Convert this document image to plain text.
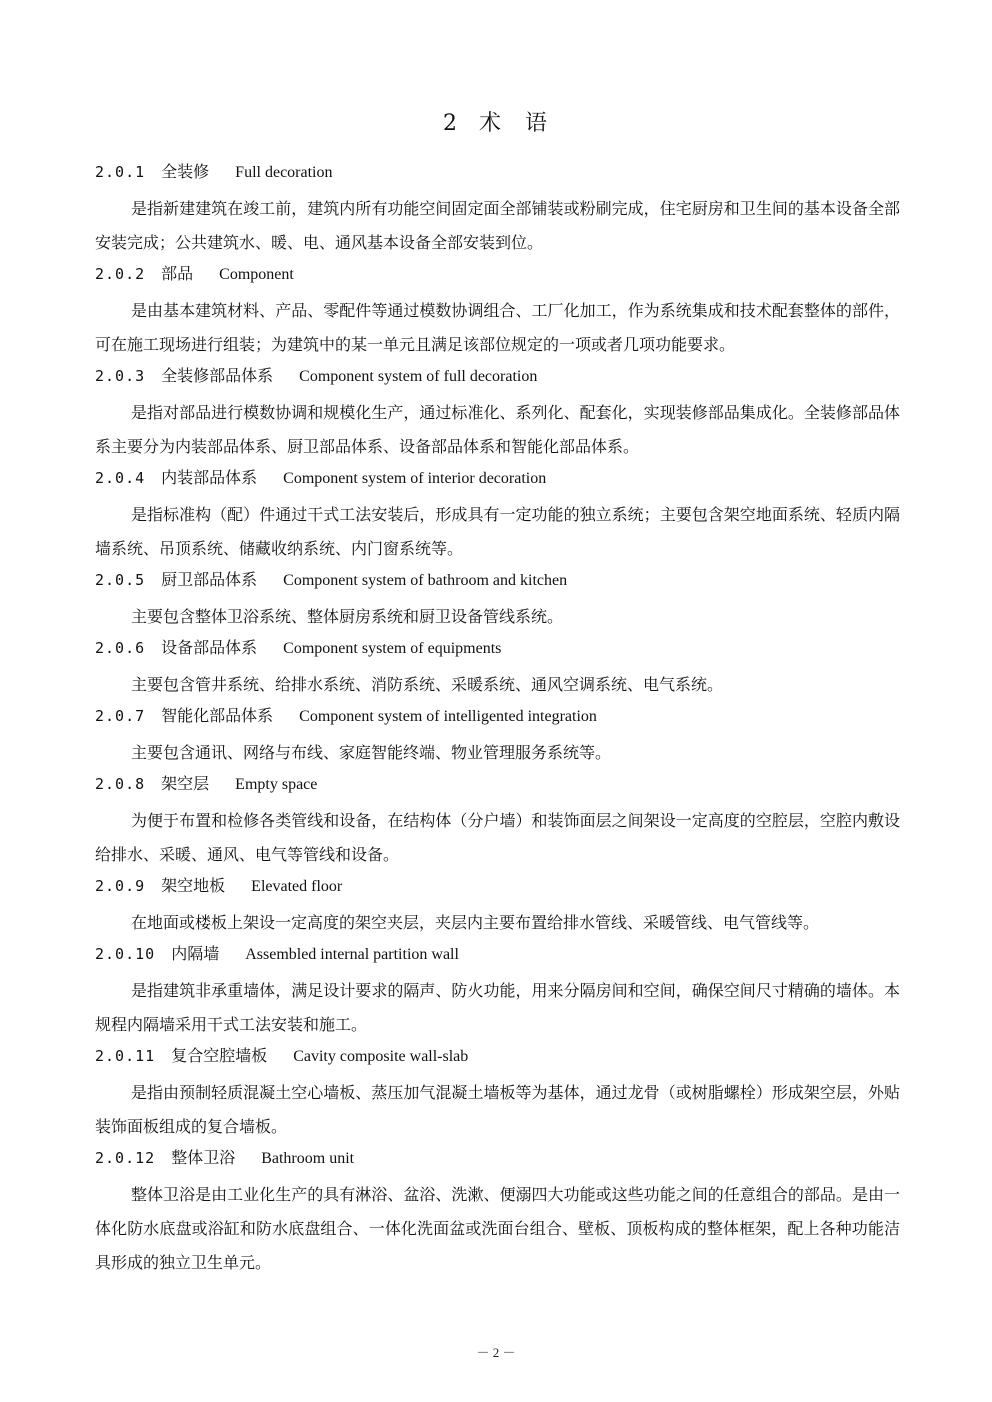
2 术 语
2.0.1 全装修 Full decoration

是指新建建筑在竣工前，建筑内所有功能空间固定面全部铺装或粉刷完成，住宅厨房和卫生间的基本设备全部安装完成；公共建筑水、暖、电、通风基本设备全部安装到位。

2.0.2 部品 Component

是由基本建筑材料、产品、零配件等通过模数协调组合、工厂化加工，作为系统集成和技术配套整体的部件，可在施工现场进行组装；为建筑中的某一单元且满足该部位规定的一项或者几项功能要求。

2.0.3 全装修部品体系 Component system of full decoration

是指对部品进行模数协调和规模化生产，通过标准化、系列化、配套化，实现装修部品集成化。全装修部品体系主要分为内装部品体系、厨卫部品体系、设备部品体系和智能化部品体系。

2.0.4 内装部品体系 Component system of interior decoration

是指标准构（配）件通过干式工法安装后，形成具有一定功能的独立系统；主要包含架空地面系统、轻质内隔墙系统、吊顶系统、储藏收纳系统、内门窗系统等。

2.0.5 厨卫部品体系 Component system of bathroom and kitchen

主要包含整体卫浴系统、整体厨房系统和厨卫设备管线系统。

2.0.6 设备部品体系 Component system of equipments

主要包含管井系统、给排水系统、消防系统、采暖系统、通风空调系统、电气系统。

2.0.7 智能化部品体系 Component system of intelligented integration

主要包含通讯、网络与布线、家庭智能终端、物业管理服务系统等。

2.0.8 架空层 Empty space

为便于布置和检修各类管线和设备，在结构体（分户墙）和装饰面层之间架设一定高度的空腔层，空腔内敷设给排水、采暖、通风、电气等管线和设备。

2.0.9 架空地板 Elevated floor

在地面或楼板上架设一定高度的架空夹层，夹层内主要布置给排水管线、采暖管线、电气管线等。

2.0.10 内隔墙 Assembled internal partition wall

是指建筑非承重墙体，满足设计要求的隔声、防火功能，用来分隔房间和空间，确保空间尺寸精确的墙体。本规程内隔墙采用干式工法安装和施工。

2.0.11 复合空腔墙板 Cavity composite wall-slab

是指由预制轻质混凝土空心墙板、蒸压加气混凝土墙板等为基体，通过龙骨（或树脂螺栓）形成架空层，外贴装饰面板组成的复合墙板。

2.0.12 整体卫浴 Bathroom unit

整体卫浴是由工业化生产的具有淋浴、盆浴、洗漱、便溺四大功能或这些功能之间的任意组合的部品。是由一体化防水底盘或浴缸和防水底盘组合、一体化洗面盆或洗面台组合、壁板、顶板构成的整体框架，配上各种功能洁具形成的独立卫生单元。

－ 2 －
